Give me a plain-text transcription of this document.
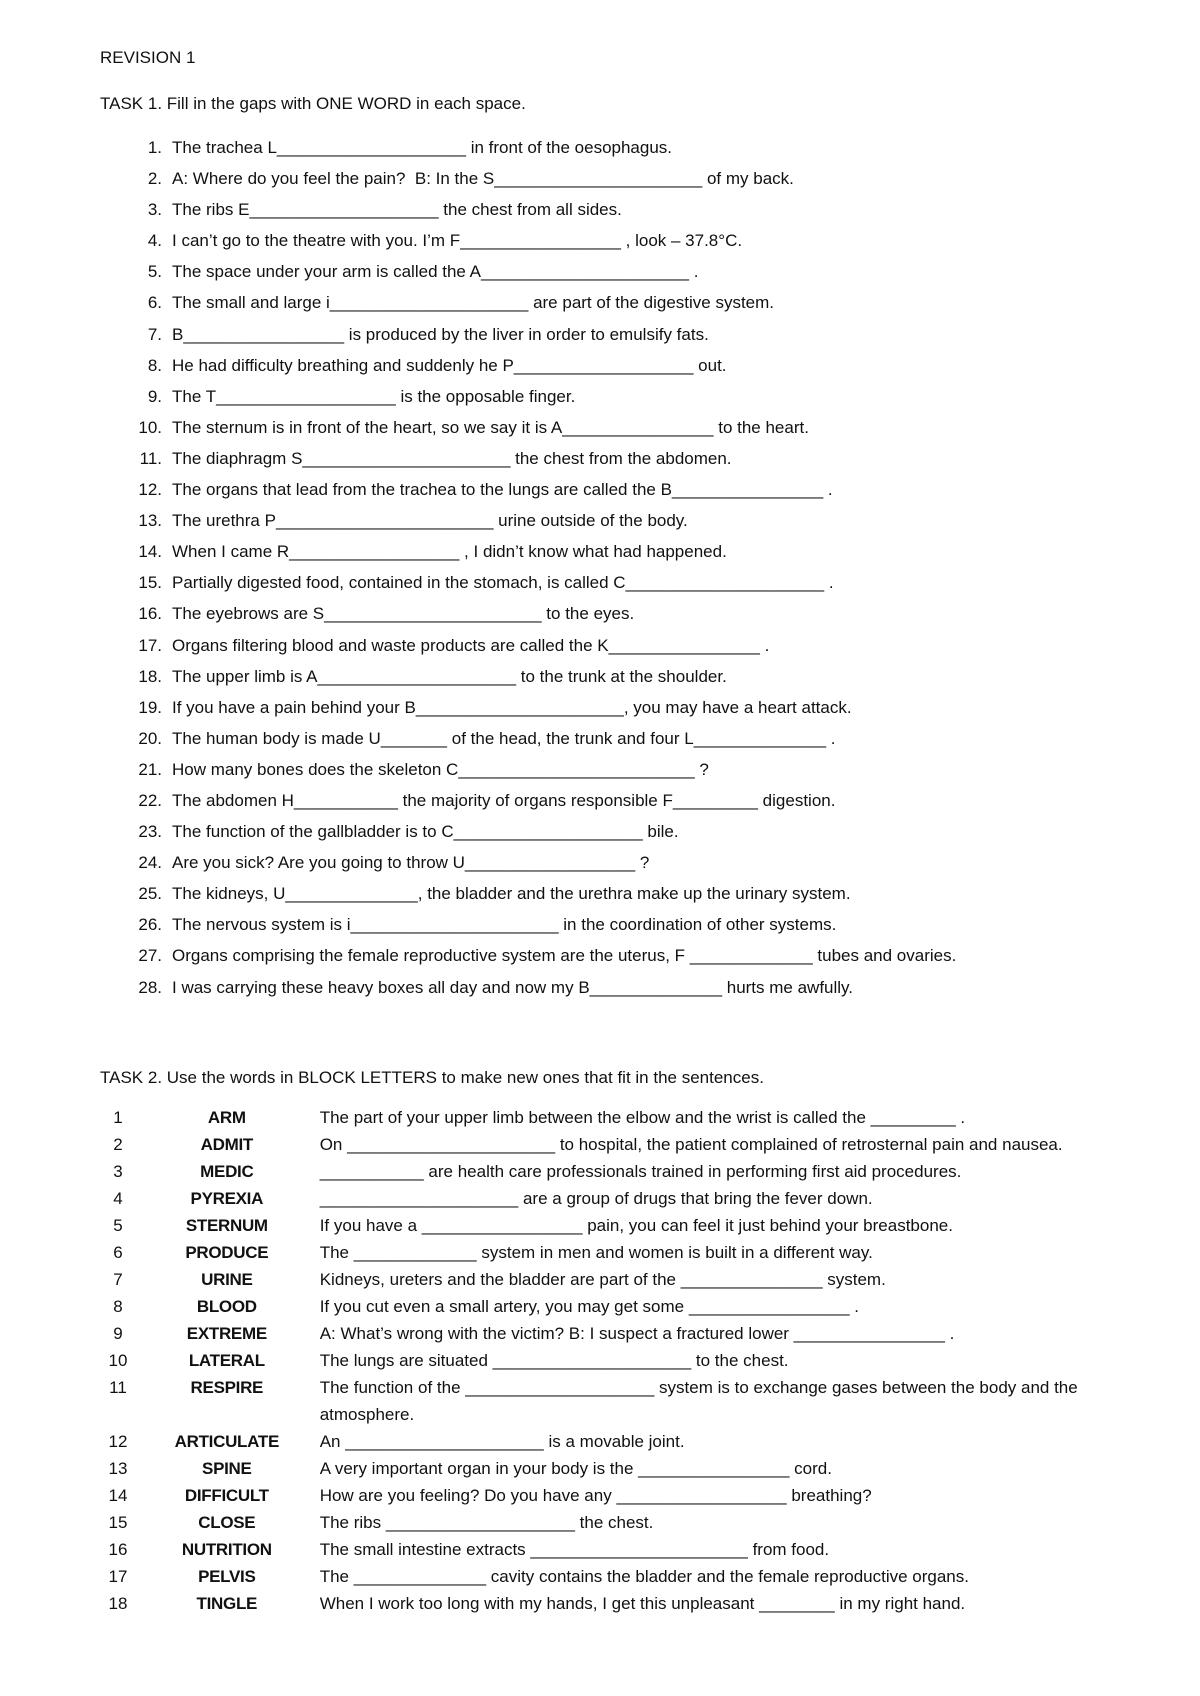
REVISION 1
TASK 1. Fill in the gaps with ONE WORD in each space.
1. The trachea L____________________ in front of the oesophagus.
2. A: Where do you feel the pain?  B: In the S______________________ of my back.
3. The ribs E____________________ the chest from all sides.
4. I can’t go to the theatre with you. I’m F_________________ , look – 37.8°C.
5. The space under your arm is called the A______________________ .
6. The small and large i_____________________ are part of the digestive system.
7. B_________________ is produced by the liver in order to emulsify fats.
8. He had difficulty breathing and suddenly he P___________________ out.
9. The T___________________ is the opposable finger.
10. The sternum is in front of the heart, so we say it is A________________ to the heart.
11. The diaphragm S______________________ the chest from the abdomen.
12. The organs that lead from the trachea to the lungs are called the B________________ .
13. The urethra P_______________________ urine outside of the body.
14. When I came R__________________ , I didn’t know what had happened.
15. Partially digested food, contained in the stomach, is called C_____________________ .
16. The eyebrows are S_______________________ to the eyes.
17. Organs filtering blood and waste products are called the K________________ .
18. The upper limb is A_____________________ to the trunk at the shoulder.
19. If you have a pain behind your B______________________, you may have a heart attack.
20. The human body is made U_______ of the head, the trunk and four L______________ .
21. How many bones does the skeleton C_________________________ ?
22. The abdomen H___________ the majority of organs responsible F_________ digestion.
23. The function of the gallbladder is to C____________________ bile.
24. Are you sick? Are you going to throw U__________________ ?
25. The kidneys, U______________, the bladder and the urethra make up the urinary system.
26. The nervous system is i______________________ in the coordination of other systems.
27. Organs comprising the female reproductive system are the uterus, F _____________ tubes and ovaries.
28. I was carrying these heavy boxes all day and now my B______________ hurts me awfully.
TASK 2. Use the words in BLOCK LETTERS to make new ones that fit in the sentences.
1	ARM	The part of your upper limb between the elbow and the wrist is called the _________ .
2	ADMIT	On ______________________ to hospital, the patient complained of retrosternal pain and nausea.
3	MEDIC	___________ are health care professionals trained in performing first aid procedures.
4	PYREXIA	_____________________ are a group of drugs that bring the fever down.
5	STERNUM	If you have a _________________ pain, you can feel it just behind your breastbone.
6	PRODUCE	The _____________ system in men and women is built in a different way.
7	URINE	Kidneys, ureters and the bladder are part of the _______________ system.
8	BLOOD	If you cut even a small artery, you may get some _________________ .
9	EXTREME	A: What’s wrong with the victim? B: I suspect a fractured lower ________________ .
10	LATERAL	The lungs are situated _____________________ to the chest.
11	RESPIRE	The function of the ____________________ system is to exchange gases between the body and the atmosphere.
12	ARTICULATE	An _____________________ is a movable joint.
13	SPINE	A very important organ in your body is the ________________ cord.
14	DIFFICULT	How are you feeling? Do you have any __________________ breathing?
15	CLOSE	The ribs ____________________ the chest.
16	NUTRITION	The small intestine extracts _______________________ from food.
17	PELVIS	The ______________ cavity contains the bladder and the female reproductive organs.
18	TINGLE	When I work too long with my hands, I get this unpleasant ________ in my right hand.
